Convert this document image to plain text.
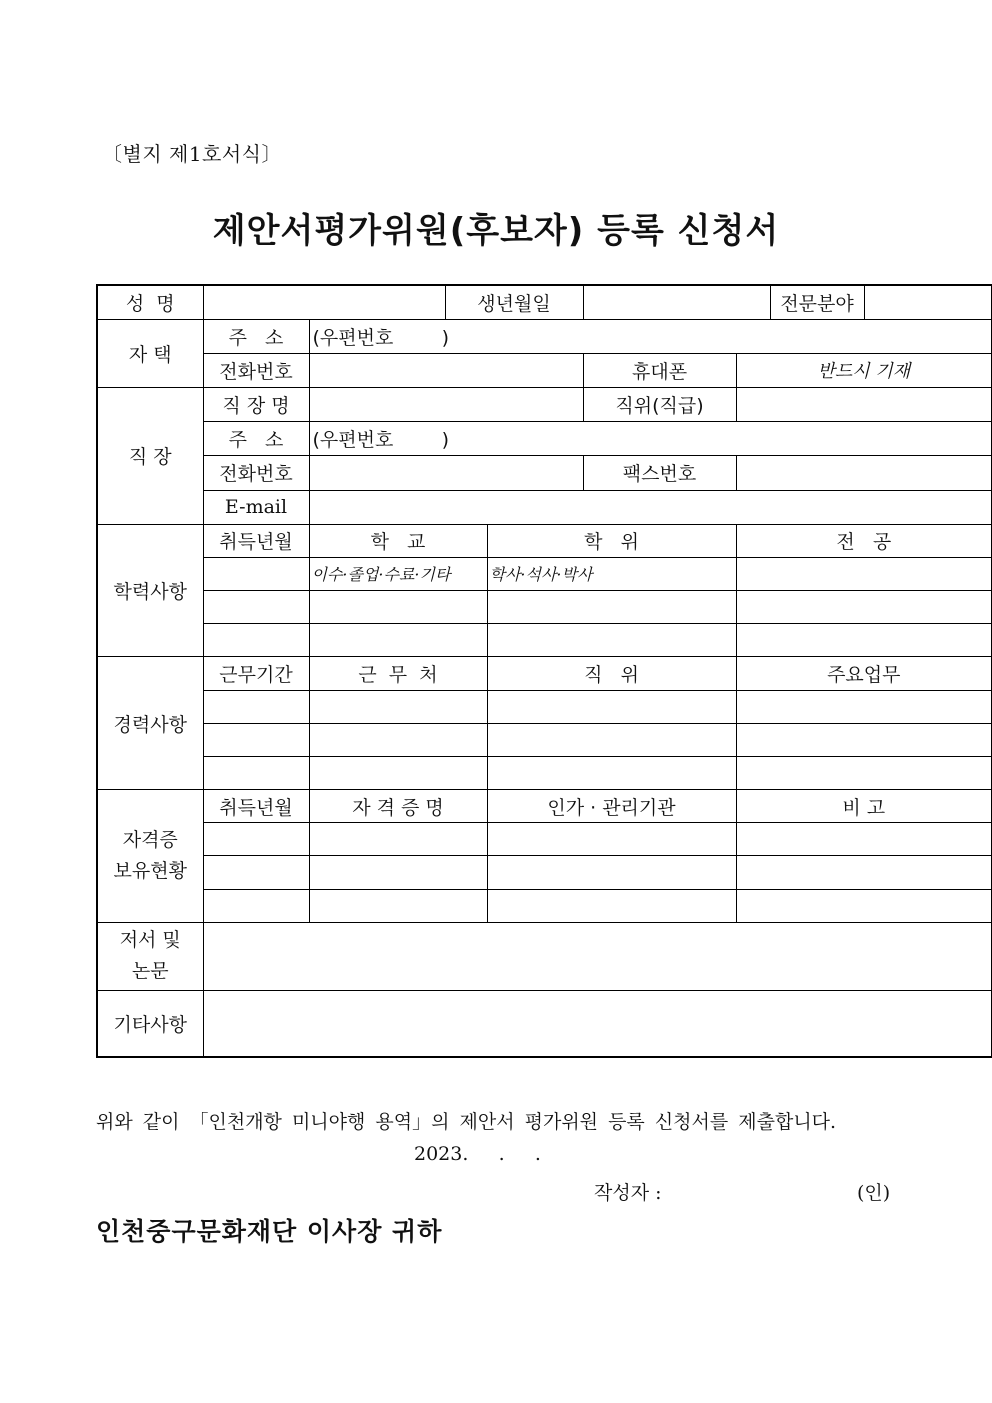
〔별지 제1호서식〕
제안서평가위원(후보자) 등록 신청서
성  명			생년월일				전문분야	
자 택	주   소	(우편번호        )						
	전화번호				휴대폰	반드시 기재		
직 장	직 장 명				직위(직급)			
	주   소	(우편번호        )						
	전화번호				팩스번호			
	E-mail							
학력사항	취득년월	학   교		학   위		전   공		
		이수·졸업·수료·기타		학사·석사·박사				

경력사항	근무기간	근  무  처		직   위		주요업무		

자격증
보유현황	취득년월	자 격 증 명		인가 · 관리기관		비 고		

저서 및
논문								

기타사항								
위와 같이 「인천개항 미니야행 용역」의 제안서 평가위원 등록 신청서를 제출합니다.
2023.     .     .
작성자 :	(인)
인천중구문화재단 이사장 귀하
